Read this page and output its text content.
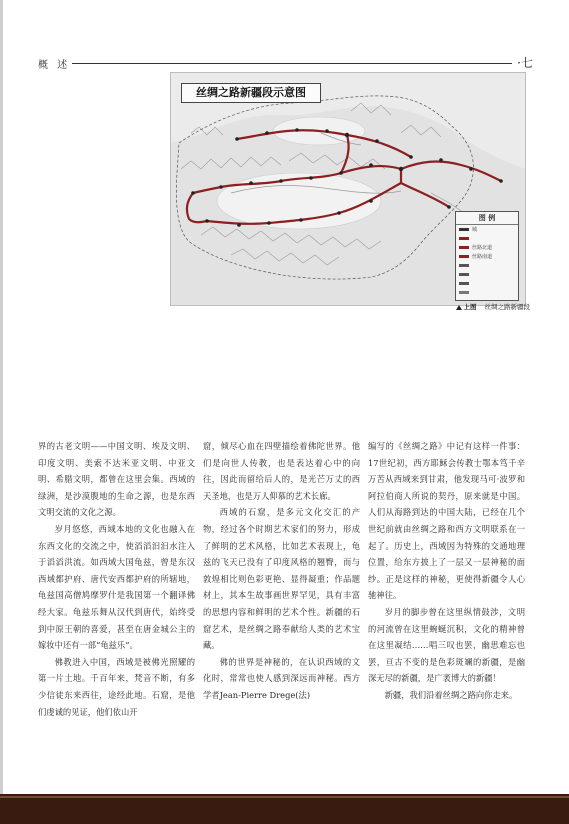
概 述	·七
丝绸之路新疆段示意图
图 例
城
丝路北道
丝路南道
上图 丝绸之路新疆段

界的古老文明——中国文明、埃及文明、印度文明、美索不达米亚文明、中亚文明、希腊文明，都曾在这里会集。西域的绿洲，是沙漠腹地的生命之源，也是东西文明交流的文化之源。

岁月悠悠，西域本地的文化也融入在东西文化的交流之中，使滔滔汩汩水注入于滔滔洪流。如西域大国龟兹，曾是东汉西域都护府、唐代安西都护府的所辖地，龟兹国高僧鸠摩罗什是我国第一个翻译佛经大家。龟兹乐舞从汉代到唐代，始终受到中原王朝的喜爱，甚至在唐金城公主的嫁妆中还有一部“龟兹乐”。

佛教进入中国，西域是被佛光照耀的第一片土地。千百年来，梵音不断，有多少信徒东来西往，途经此地。石窟，是他们虔诚的见证，他们依山开

窟，倾尽心血在四壁描绘着佛陀世界。他们是向世人传教，也是表达着心中的向往，因此而留给后人的，是光芒万丈的西天圣地，也是万人仰慕的艺术长廊。

西域的石窟，是多元文化交汇的产物，经过各个时期艺术家们的努力，形成了鲜明的艺术风格，比如艺术表现上，龟兹的飞天已没有了印度风格的翘臀，而与敦煌相比则色彩更艳、显得凝重；作品题材上，其本生故事画世界罕见，具有丰富的思想内容和鲜明的艺术个性。新疆的石窟艺术，是丝绸之路奉献给人类的艺术宝藏。

佛的世界是神秘的，在认识西域的文化时，常常也使人感到深远而神秘。西方学者Jean-Pierre Drege(法)

编写的《丝绸之路》中记有这样一件事：17世纪初，西方耶稣会传教士鄂本笃千辛万苦从西域来到甘肃，他发现马可·波罗和阿拉伯商人所说的契丹，原来就是中国。人们从海路到达的中国大陆，已经在几个世纪前就由丝绸之路和西方文明联系在一起了。历史上，西域因为特殊的交通地理位置，给东方披上了一层又一层神秘的面纱。正是这样的神秘，更使得新疆令人心驰神往。

岁月的脚步曾在这里纵情鼓涉，文明的河流曾在这里蜿蜒沉积，文化的精神曾在这里凝结……唱三叹也罢，幽思难忘也罢，亘古不变的是色彩斑斓的新疆，是幽深无尽的新疆，是广袤博大的新疆！

新疆，我们沿着丝绸之路向你走来。
